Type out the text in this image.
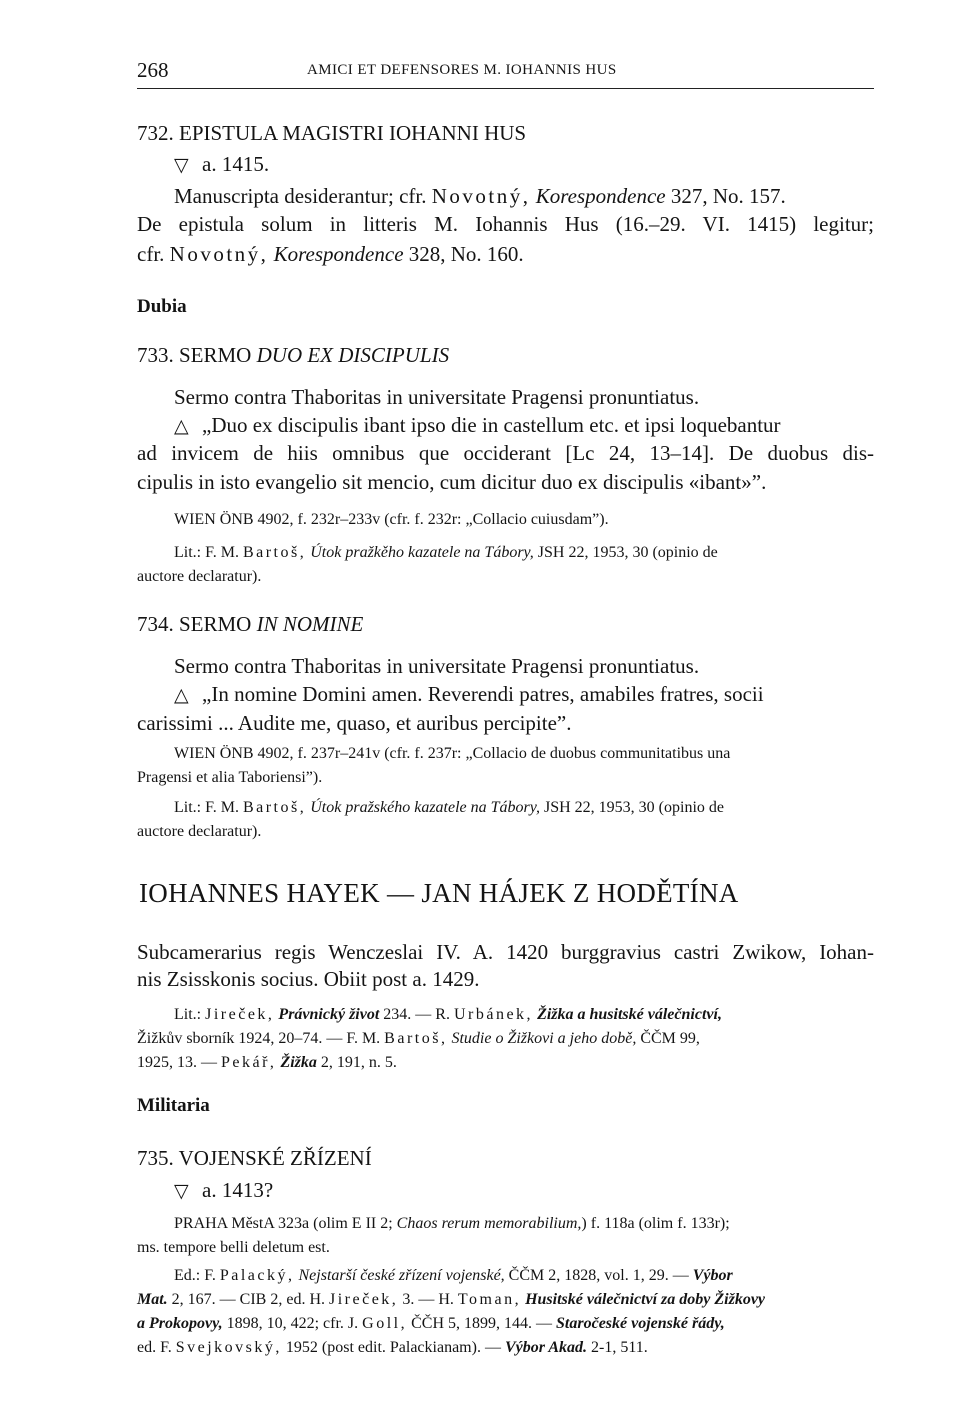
268	AMICI ET DEFENSORES M. IOHANNIS HUS
732. EPISTULA MAGISTRI IOHANNI HUS
▽ a. 1415.
Manuscripta desiderantur; cfr. Novotný, Korespondence 327, No. 157.
De epistula solum in litteris M. Iohannis Hus (16.–29. VI. 1415) legitur;
cfr. Novotný, Korespondence 328, No. 160.
Dubia
733. SERMO DUO EX DISCIPULIS
Sermo contra Thaboritas in universitate Pragensi pronuntiatus.
△ „Duo ex discipulis ibant ipso die in castellum etc. et ipsi loquebantur
ad invicem de hiis omnibus que occiderant [Lc 24, 13–14]. De duobus dis-
cipulis in isto evangelio sit mencio, cum dicitur duo ex discipulis «ibant»”.
WIEN ÖNB 4902, f. 232r–233v (cfr. f. 232r: „Collacio cuiusdam”).
Lit.: F. M. Bartoš, Útok pražkěho kazatele na Tábory, JSH 22, 1953, 30 (opinio de
auctore declaratur).
734. SERMO IN NOMINE
Sermo contra Thaboritas in universitate Pragensi pronuntiatus.
△ „In nomine Domini amen. Reverendi patres, amabiles fratres, socii
carissimi ... Audite me, quaso, et auribus percipite”.
WIEN ÖNB 4902, f. 237r–241v (cfr. f. 237r: „Collacio de duobus communitatibus una
Pragensi et alia Taboriensi”).
Lit.: F. M. Bartoš, Útok pražského kazatele na Tábory, JSH 22, 1953, 30 (opinio de
auctore declaratur).
IOHANNES HAYEK — JAN HÁJEK Z HODĚTÍNA
Subcamerarius regis Wenczeslai IV. A. 1420 burggravius castri Zwikow, Iohan-
nis Zsisskonis socius. Obiit post a. 1429.
Lit.: Jireček, Právnický život 234. — R. Urbánek, Žižka a husitské válečnictví,
Žižkův sborník 1924, 20–74. — F. M. Bartoš, Studie o Žižkovi a jeho době, ČČM 99,
1925, 13. — Pekář, Žižka 2, 191, n. 5.
Militaria
735. VOJENSKÉ ZŘÍZENÍ
▽ a. 1413?
PRAHA MěstA 323a (olim E II 2; Chaos rerum memorabilium,) f. 118a (olim f. 133r);
ms. tempore belli deletum est.
Ed.: F. Palacký, Nejstarší české zřízení vojenské, ČČM 2, 1828, vol. 1, 29. — Výbor
Mat. 2, 167. — CIB 2, ed. H. Jireček, 3. — H. Toman, Husitské válečnictví za doby Žižkovy
a Prokopovy, 1898, 10, 422; cfr. J. Goll, ČČH 5, 1899, 144. — Staročeské vojenské řády,
ed. F. Svejkovský, 1952 (post edit. Palackianam). — Výbor Akad. 2-1, 511.
